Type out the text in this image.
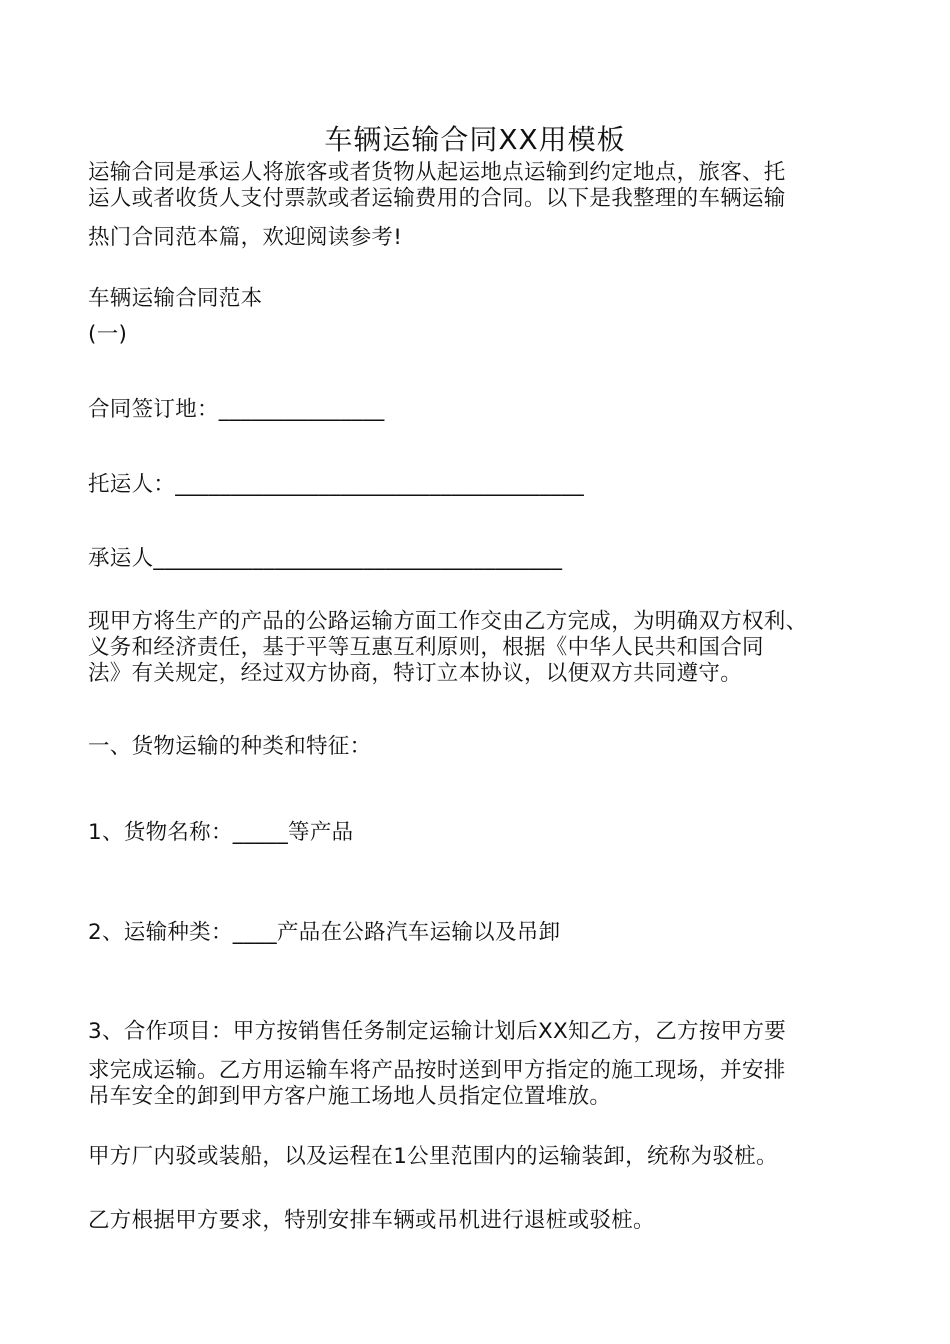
车辆运输合同XX用模板
运输合同是承运人将旅客或者货物从起运地点运输到约定地点，旅客、托
运人或者收货人支付票款或者运输费用的合同。以下是我整理的车辆运输
热门合同范本篇，欢迎阅读参考!
车辆运输合同范本
(一)
合同签订地：_______________
托运人：_____________________________________
承运人_____________________________________
现甲方将生产的产品的公路运输方面工作交由乙方完成，为明确双方权利、
义务和经济责任，基于平等互惠互利原则，根据《中华人民共和国合同
法》有关规定，经过双方协商，特订立本协议，以便双方共同遵守。
一、货物运输的种类和特征：
1、货物名称：_____等产品
2、运输种类：____产品在公路汽车运输以及吊卸
3、合作项目：甲方按销售任务制定运输计划后XX知乙方，乙方按甲方要
求完成运输。乙方用运输车将产品按时送到甲方指定的施工现场，并安排
吊车安全的卸到甲方客户施工场地人员指定位置堆放。
甲方厂内驳或装船，以及运程在1公里范围内的运输装卸，统称为驳桩。
乙方根据甲方要求，特别安排车辆或吊机进行退桩或驳桩。
